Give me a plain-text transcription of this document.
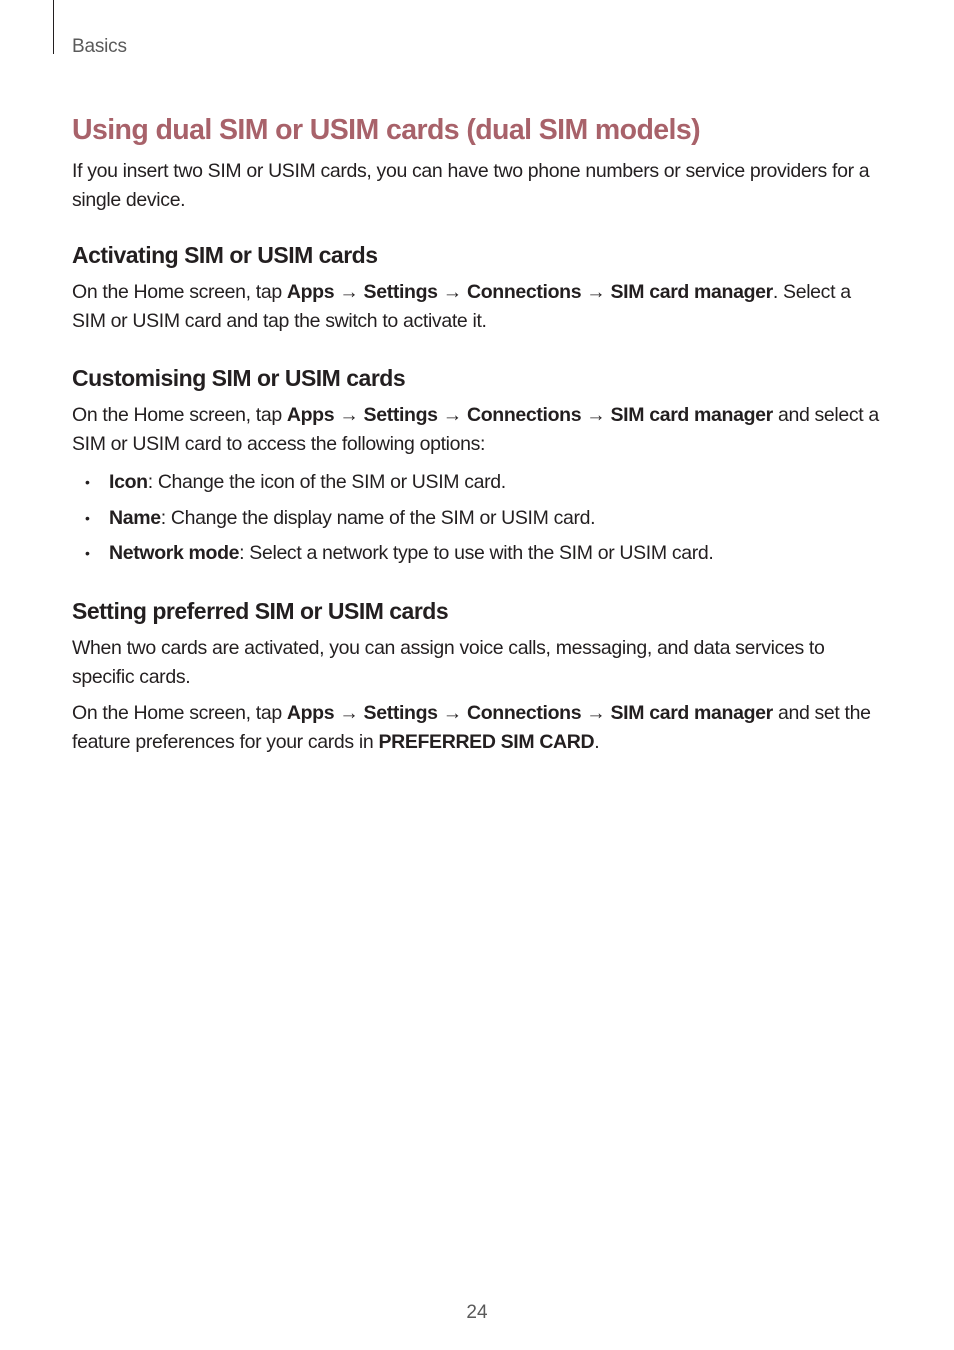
Basics
Using dual SIM or USIM cards (dual SIM models)

If you insert two SIM or USIM cards, you can have two phone numbers or service providers for a single device.

Activating SIM or USIM cards

On the Home screen, tap Apps → Settings → Connections → SIM card manager. Select a SIM or USIM card and tap the switch to activate it.

Customising SIM or USIM cards

On the Home screen, tap Apps → Settings → Connections → SIM card manager and select a SIM or USIM card to access the following options:

• Icon: Change the icon of the SIM or USIM card.
• Name: Change the display name of the SIM or USIM card.
• Network mode: Select a network type to use with the SIM or USIM card.
Setting preferred SIM or USIM cards

When two cards are activated, you can assign voice calls, messaging, and data services to specific cards.

On the Home screen, tap Apps → Settings → Connections → SIM card manager and set the feature preferences for your cards in PREFERRED SIM CARD.

24
